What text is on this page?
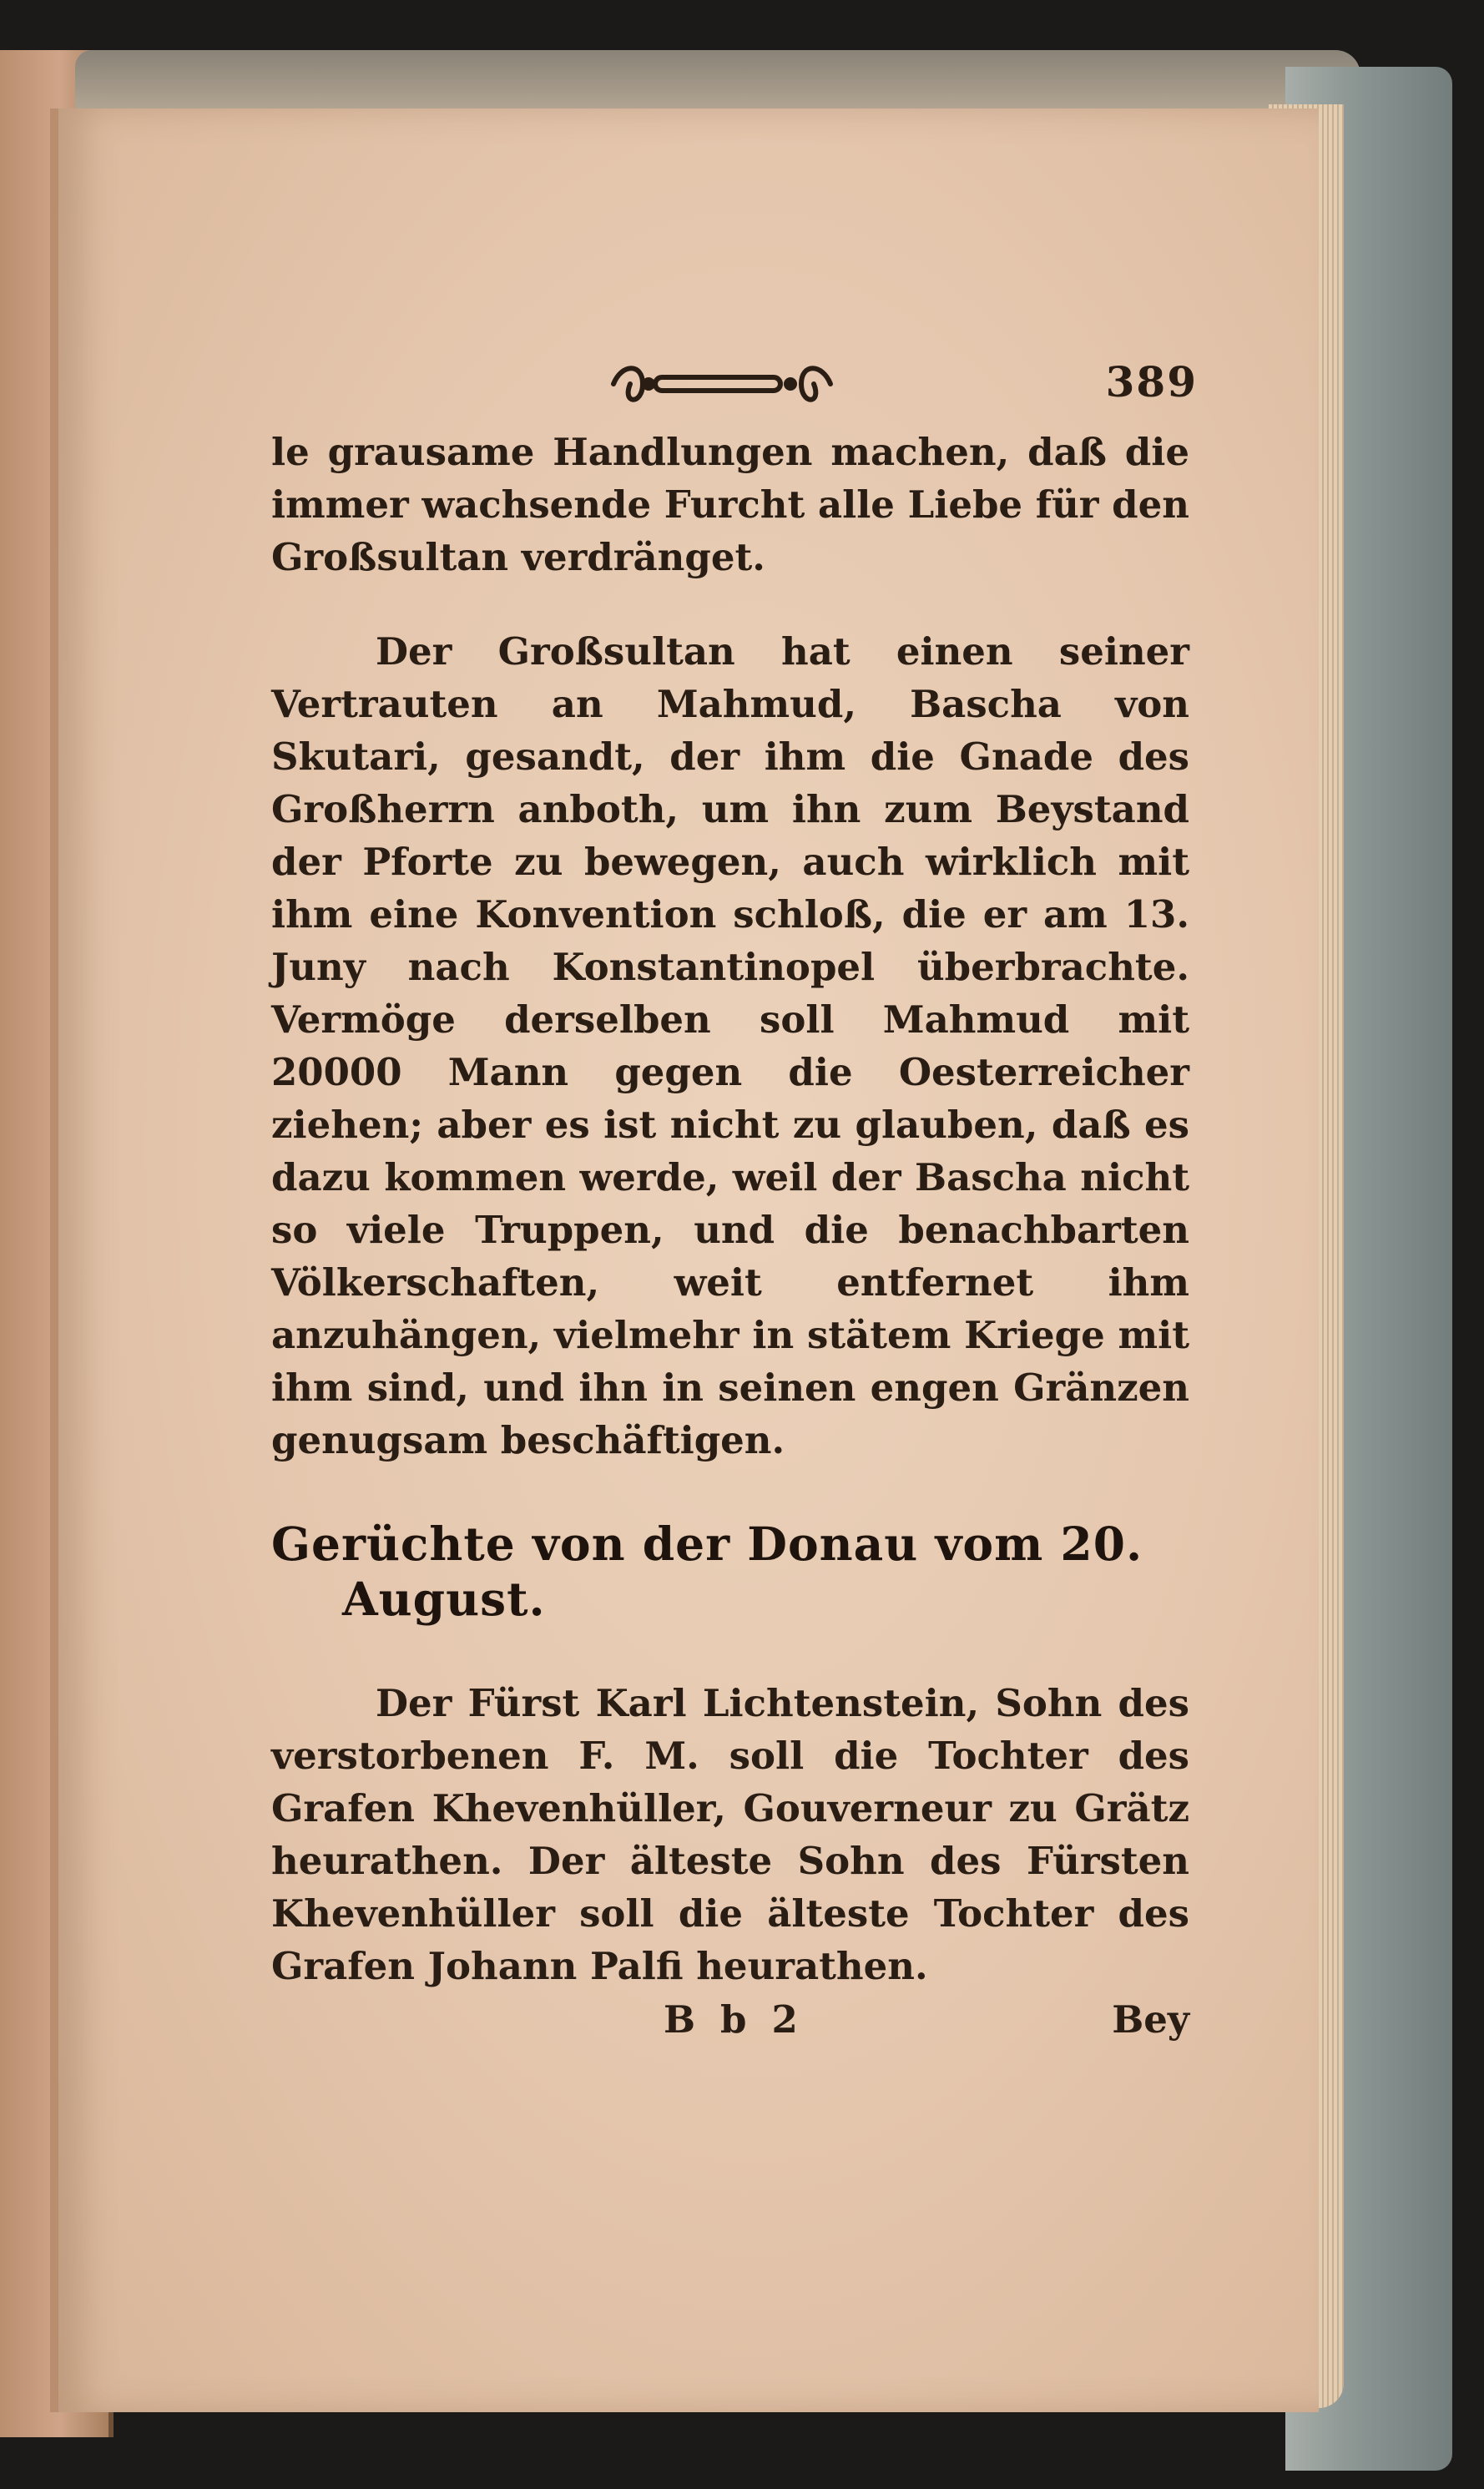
389

le grausame Handlungen machen, daß die immer wachsende Furcht alle Liebe für den Großsultan verdränget.

Der Großsultan hat einen seiner Vertrauten an Mahmud, Bascha von Skutari, gesandt, der ihm die Gnade des Großherrn anboth, um ihn zum Beystand der Pforte zu bewegen, auch wirklich mit ihm eine Konvention schloß, die er am 13. Juny nach Konstantinopel überbrachte. Vermöge derselben soll Mahmud mit 20000 Mann gegen die Oesterreicher ziehen; aber es ist nicht zu glauben, daß es dazu kommen werde, weil der Bascha nicht so viele Truppen, und die benachbarten Völkerschaften, weit entfernet ihm anzuhängen, vielmehr in stätem Kriege mit ihm sind, und ihn in seinen engen Gränzen genugsam beschäftigen.

Gerüchte von der Donau vom 20. August.

Der Fürst Karl Lichtenstein, Sohn des verstorbenen F. M. soll die Tochter des Grafen Khevenhüller, Gouverneur zu Grätz heurathen. Der älteste Sohn des Fürsten Khevenhüller soll die älteste Tochter des Grafen Johann Palfi heurathen.

Bb2	Bey
